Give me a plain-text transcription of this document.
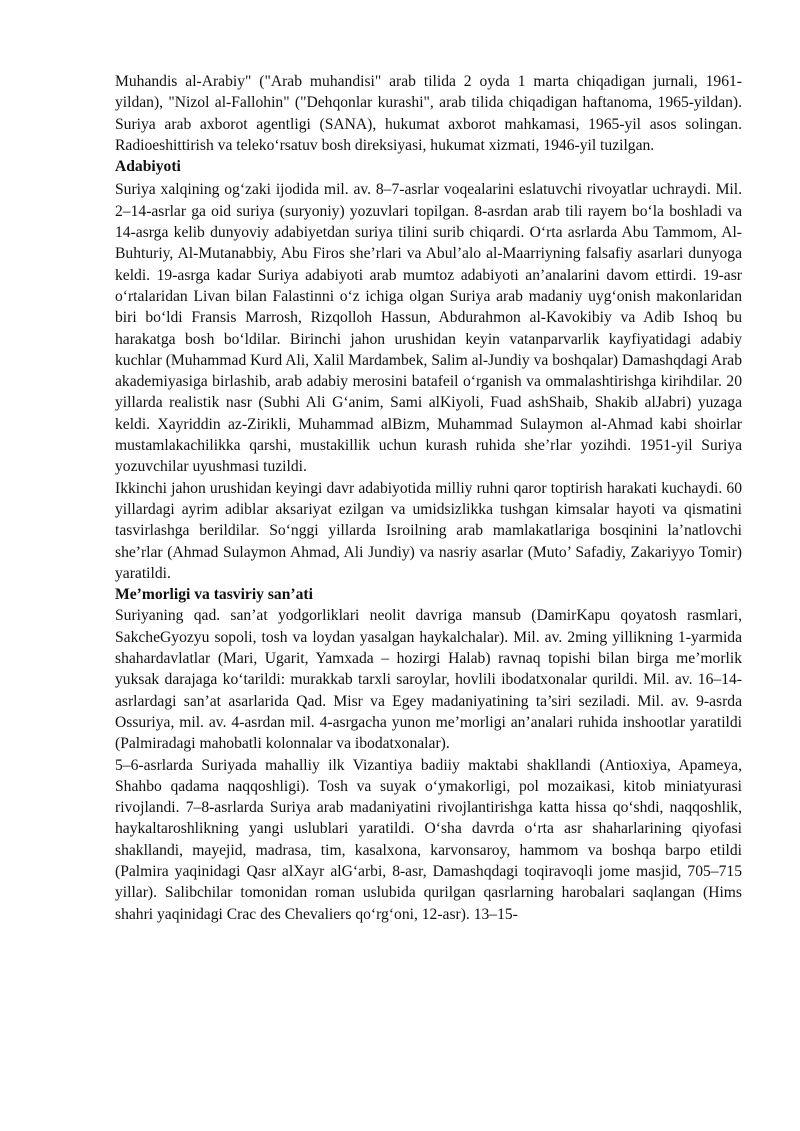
Muhandis al-Arabiy" ("Arab muhandisi" arab tilida 2 oyda 1 marta chiqadigan jurnali, 1961-yildan), "Nizol al-Fallohin" ("Dehqonlar kurashi", arab tilida chiqadigan haftanoma, 1965-yildan). Suriya arab axborot agentligi (SANA), hukumat axborot mahkamasi, 1965-yil asos solingan. Radioeshittirish va teleko‘rsatuv bosh direksiyasi, hukumat xizmati, 1946-yil tuzilgan.

Adabiyoti

Suriya xalqining og‘zaki ijodida mil. av. 8–7-asrlar voqealarini eslatuvchi rivoyatlar uchraydi. Mil. 2–14-asrlar ga oid suriya (suryoniy) yozuvlari topilgan. 8-asrdan arab tili rayem bo‘la boshladi va 14-asrga kelib dunyoviy adabiyetdan suriya tilini surib chiqardi. O‘rta asrlarda Abu Tammom, Al-Buhturiy, Al-Mutanabbiy, Abu Firos she’rlari va Abul’alo al-Maarriyning falsafiy asarlari dunyoga keldi. 19-asrga kadar Suriya adabiyoti arab mumtoz adabiyoti an’analarini davom ettirdi. 19-asr o‘rtalaridan Livan bilan Falastinni o‘z ichiga olgan Suriya arab madaniy uyg‘onish makonlaridan biri bo‘ldi Fransis Marrosh, Rizqolloh Hassun, Abdurahmon al-Kavokibiy va Adib Ishoq bu harakatga bosh bo‘ldilar. Birinchi jahon urushidan keyin vatanparvarlik kayfiyatidagi adabiy kuchlar (Muhammad Kurd Ali, Xalil Mardambek, Salim al-Jundiy va boshqalar) Damashqdagi Arab akademiyasiga birlashib, arab adabiy merosini batafeil o‘rganish va ommalashtirishga kirihdilar. 20 yillarda realistik nasr (Subhi Ali G‘anim, Sami alKiyoli, Fuad ashShaib, Shakib alJabri) yuzaga keldi. Xayriddin az-Zirikli, Muhammad alBizm, Muhammad Sulaymon al-Ahmad kabi shoirlar mustamlakachilikka qarshi, mustakillik uchun kurash ruhida she’rlar yozihdi. 1951-yil Suriya yozuvchilar uyushmasi tuzildi.

Ikkinchi jahon urushidan keyingi davr adabiyotida milliy ruhni qaror toptirish harakati kuchaydi. 60 yillardagi ayrim adiblar aksariyat ezilgan va umidsizlikka tushgan kimsalar hayoti va qismatini tasvirlashga berildilar. So‘nggi yillarda Isroilning arab mamlakatlariga bosqinini la’natlovchi she’rlar (Ahmad Sulaymon Ahmad, Ali Jundiy) va nasriy asarlar (Muto’ Safadiy, Zakariyyo Tomir) yaratildi.

Me’morligi va tasviriy san’ati

Suriyaning qad. san’at yodgorliklari neolit davriga mansub (DamirKapu qoyatosh rasmlari, SakcheGyozyu sopoli, tosh va loydan yasalgan haykalchalar). Mil. av. 2ming yillikning 1-yarmida shahardavlatlar (Mari, Ugarit, Yamxada – hozirgi Halab) ravnaq topishi bilan birga me’morlik yuksak darajaga ko‘tarildi: murakkab tarxli saroylar, hovlili ibodatxonalar qurildi. Mil. av. 16–14-asrlardagi san’at asarlarida Qad. Misr va Egey madaniyatining ta’siri seziladi. Mil. av. 9-asrda Ossuriya, mil. av. 4-asrdan mil. 4-asrgacha yunon me’morligi an’analari ruhida inshootlar yaratildi (Palmiradagi mahobatli kolonnalar va ibodatxonalar).

5–6-asrlarda Suriyada mahalliy ilk Vizantiya badiiy maktabi shakllandi (Antioxiya, Apameya, Shahbo qadama naqqoshligi). Tosh va suyak o‘ymakorligi, pol mozaikasi, kitob miniatyurasi rivojlandi. 7–8-asrlarda Suriya arab madaniyatini rivojlantirishga katta hissa qo‘shdi, naqqoshlik, haykaltaroshlikning yangi uslublari yaratildi. O‘sha davrda o‘rta asr shaharlarining qiyofasi shakllandi, mayejid, madrasa, tim, kasalxona, karvonsaroy, hammom va boshqa barpo etildi (Palmira yaqinidagi Qasr alXayr alG‘arbi, 8-asr, Damashqdagi toqiravoqli jome masjid, 705–715 yillar). Salibchilar tomonidan roman uslubida qurilgan qasrlarning harobalari saqlangan (Hims shahri yaqinidagi Crac des Chevaliers qo‘rg‘oni, 12-asr). 13–15-
